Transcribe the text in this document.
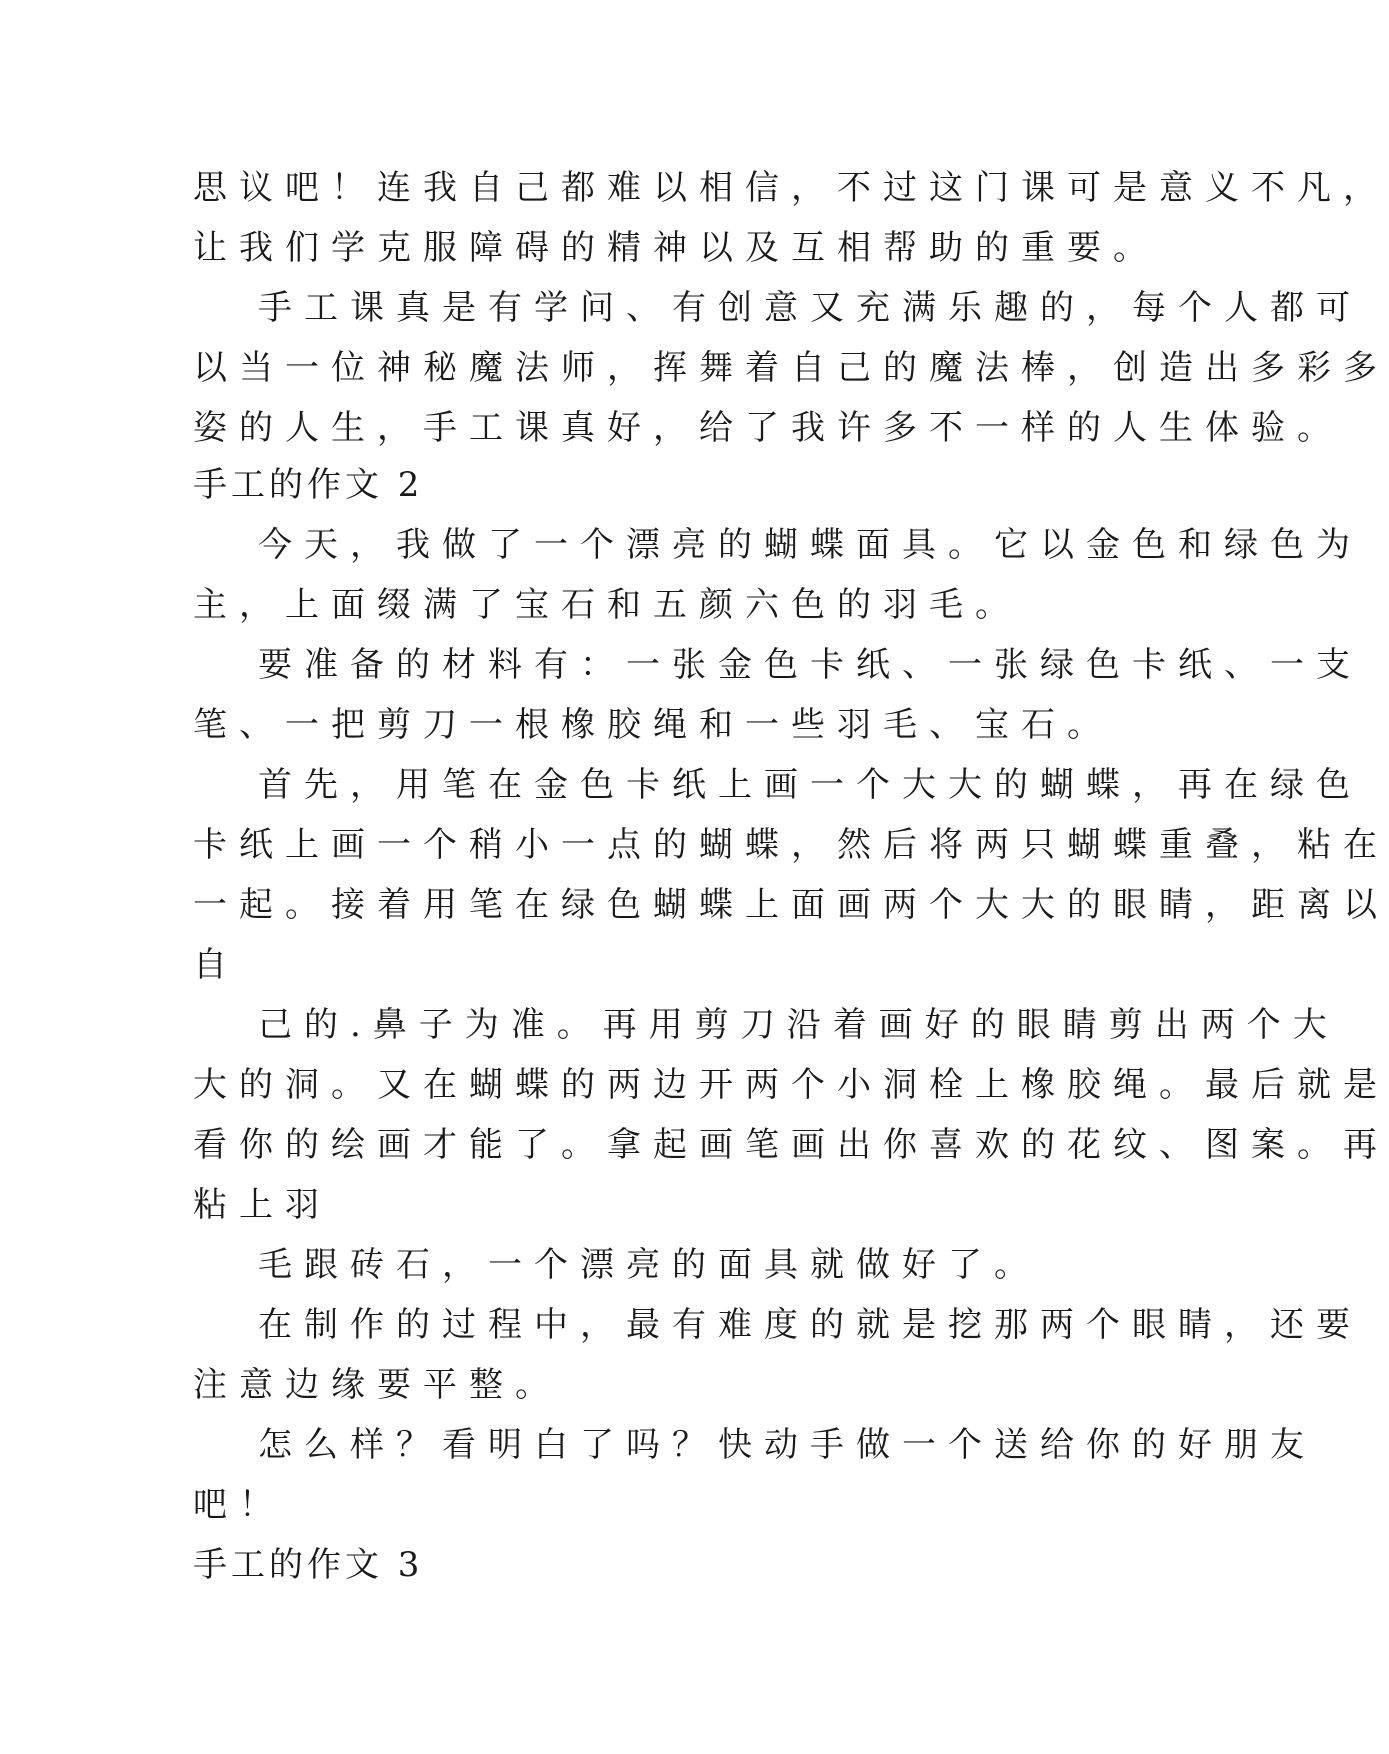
思议吧！连我自己都难以相信，不过这门课可是意义不凡，
让我们学克服障碍的精神以及互相帮助的重要。
手工课真是有学问、有创意又充满乐趣的，每个人都可
以当一位神秘魔法师，挥舞着自己的魔法棒，创造出多彩多
姿的人生，手工课真好，给了我许多不一样的人生体验。
手工的作文 2
今天，我做了一个漂亮的蝴蝶面具。它以金色和绿色为
主，上面缀满了宝石和五颜六色的羽毛。
要准备的材料有：一张金色卡纸、一张绿色卡纸、一支
笔、一把剪刀一根橡胶绳和一些羽毛、宝石。
首先，用笔在金色卡纸上画一个大大的蝴蝶，再在绿色
卡纸上画一个稍小一点的蝴蝶，然后将两只蝴蝶重叠，粘在
一起。接着用笔在绿色蝴蝶上面画两个大大的眼睛，距离以
自
己的.鼻子为准。再用剪刀沿着画好的眼睛剪出两个大
大的洞。又在蝴蝶的两边开两个小洞栓上橡胶绳。最后就是
看你的绘画才能了。拿起画笔画出你喜欢的花纹、图案。再
粘上羽
毛跟砖石，一个漂亮的面具就做好了。
在制作的过程中，最有难度的就是挖那两个眼睛，还要
注意边缘要平整。
怎么样？看明白了吗？快动手做一个送给你的好朋友
吧！
手工的作文 3
